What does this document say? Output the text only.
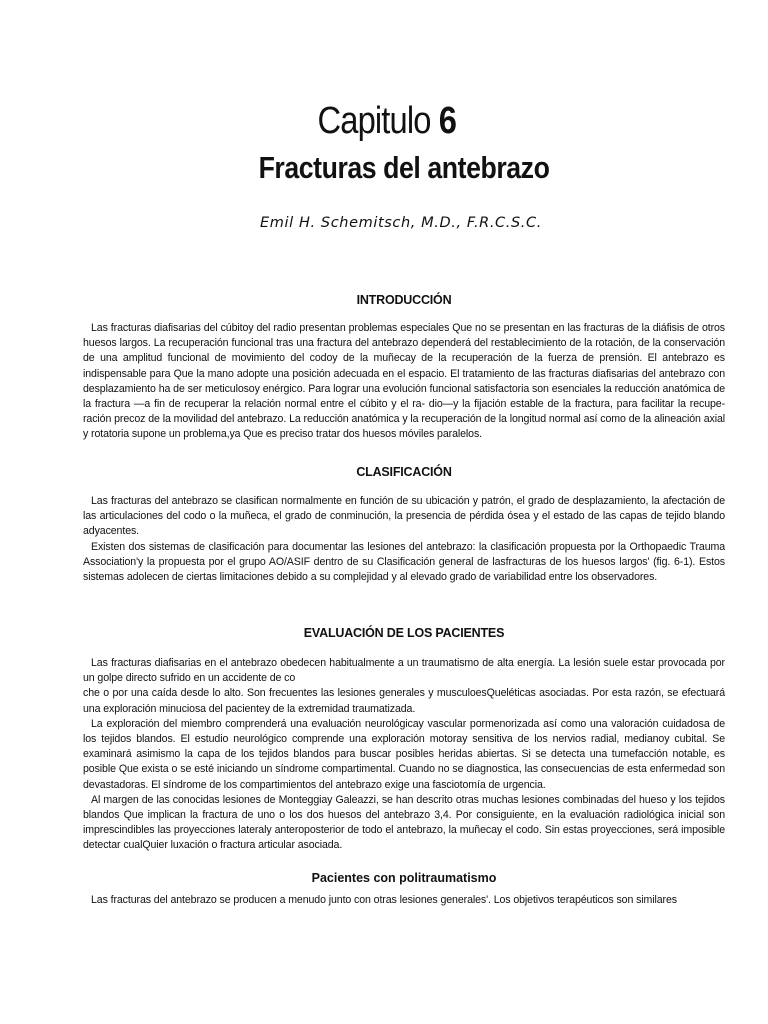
Capitulo 6
Fracturas del antebrazo
Emil H. Schemitsch, M.D., F.R.C.S.C.
INTRODUCCIÓN

Las fracturas diafisarias del cúbitoy del radio presentan problemas especiales Que no se presentan en las fracturas de la diáfisis de otros huesos largos. La recuperación funcional tras una fractura del antebrazo dependerá del restablecimiento de la rotación, de la conservación de una amplitud funcional de movimiento del codoy de la muñecay de la recuperación de la fuerza de prensión. El antebrazo es indispensable para Que la mano adopte una posición adecuada en el espacio. El tratamiento de las fracturas diafisarias del antebrazo con desplazamiento ha de ser meticulosoy enérgico. Para lograr una evolución funcional satisfactoria son esenciales la reducción anatómica de la fractura —a fin de recuperar la relación normal entre el cúbito y el ra- dio—y la fijación estable de la fractura, para facilitar la recupe- ración precoz de la movilidad del antebrazo. La reducción anatómica y la recuperación de la longitud normal así como de la alineación axial y rotatoria supone un problema,ya Que es preciso tratar dos huesos móviles paralelos.

CLASIFICACIÓN

Las fracturas del antebrazo se clasifican normalmente en función de su ubicación y patrón, el grado de desplazamiento, la afectación de las articulaciones del codo o la muñeca, el grado de conminución, la presencia de pérdida ósea y el estado de las capas de tejido blando adyacentes.

Existen dos sistemas de clasificación para documentar las lesiones del antebrazo: la clasificación propuesta por la Orthopaedic Trauma Association'y la propuesta por el grupo AO/ASIF dentro de su Clasificación general de lasfracturas de los huesos largos' (fig. 6-1). Estos sistemas adolecen de ciertas limitaciones debido a su complejidad y al elevado grado de variabilidad entre los observadores.

EVALUACIÓN DE LOS PACIENTES

Las fracturas diafisarias en el antebrazo obedecen habitualmente a un traumatismo de alta energía. La lesión suele estar provocada por un golpe directo sufrido en un accidente de co

che o por una caída desde lo alto. Son frecuentes las lesiones generales y musculoesQueléticas asociadas. Por esta razón, se efectuará una exploración minuciosa del pacientey de la extremidad traumatizada.

La exploración del miembro comprenderá una evaluación neurológicay vascular pormenorizada así como una valoración cuidadosa de los tejidos blandos. El estudio neurológico comprende una exploración motoray sensitiva de los nervios radial, medianoy cubital. Se examinará asimismo la capa de los tejidos blandos para buscar posibles heridas abiertas. Si se detecta una tumefacción notable, es posible Que exista o se esté iniciando un síndrome compartimental. Cuando no se diagnostica, las consecuencias de esta enfermedad son devastadoras. El síndrome de los compartimientos del antebrazo exige una fasciotomía de urgencia.

Al margen de las conocidas lesiones de Monteggiay Galeazzi, se han descrito otras muchas lesiones combinadas del hueso y los tejidos blandos Que implican la fractura de uno o los dos huesos del antebrazo 3,4. Por consiguiente, en la evaluación radiológica inicial son imprescindibles las proyecciones lateraly anteroposterior de todo el antebrazo, la muñecay el codo. Sin estas proyecciones, será imposible detectar cualQuier luxación o fractura articular asociada.

Pacientes con politraumatismo

Las fracturas del antebrazo se producen a menudo junto con otras lesiones generales'. Los objetivos terapéuticos son similares
